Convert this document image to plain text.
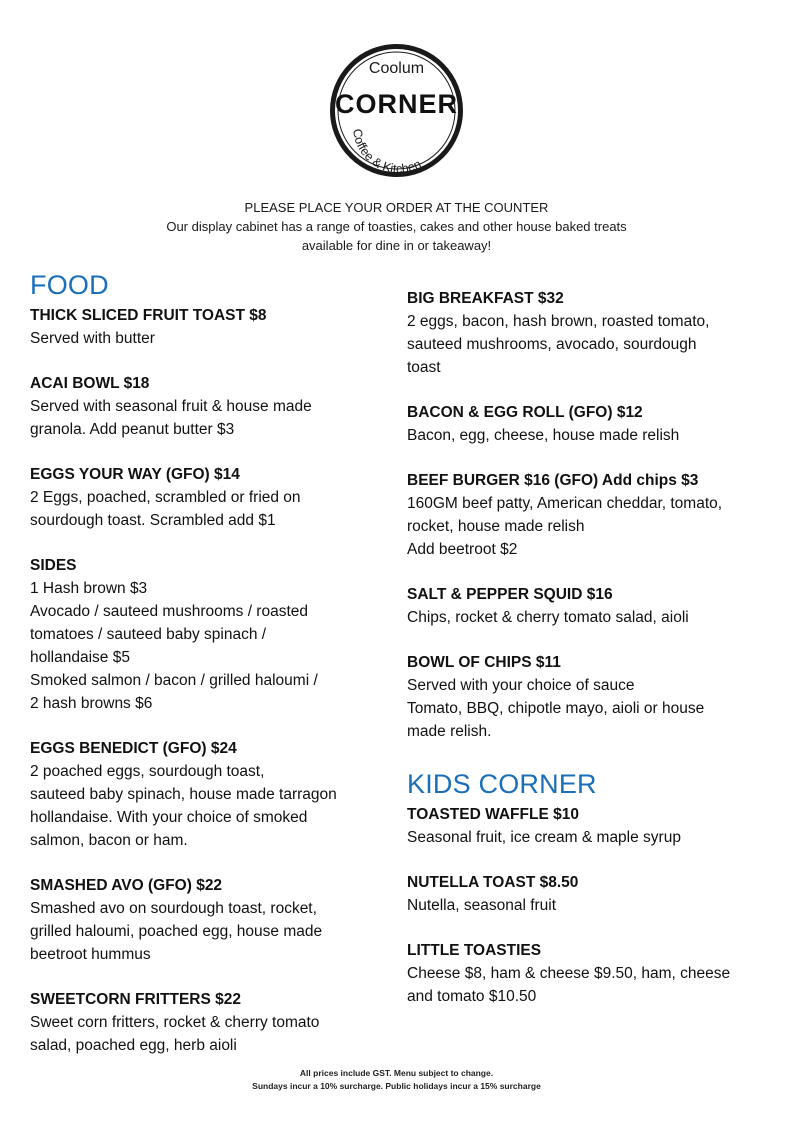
Coolum
CORNER
Coffee & Kitchen
PLEASE PLACE YOUR ORDER AT THE COUNTER
Our display cabinet has a range of toasties, cakes and other house baked treats
available for dine in or takeaway!
FOOD
THICK SLICED FRUIT TOAST $8
Served with butter
ACAI BOWL $18
Served with seasonal fruit & house made
granola. Add peanut butter $3
EGGS YOUR WAY (GFO) $14
2 Eggs, poached, scrambled or fried on
sourdough toast. Scrambled add $1
SIDES
1 Hash brown $3
Avocado / sauteed mushrooms / roasted
tomatoes / sauteed baby spinach /
hollandaise $5
Smoked salmon / bacon / grilled haloumi /
2 hash browns $6
EGGS BENEDICT (GFO) $24
2 poached eggs, sourdough toast,
sauteed baby spinach, house made tarragon
hollandaise. With your choice of smoked
salmon, bacon or ham.
SMASHED AVO (GFO) $22
Smashed avo on sourdough toast, rocket,
grilled haloumi, poached egg, house made
beetroot hummus
SWEETCORN FRITTERS $22
Sweet corn fritters, rocket & cherry tomato
salad, poached egg, herb aioli
BIG BREAKFAST $32
2 eggs, bacon, hash brown, roasted tomato,
sauteed mushrooms, avocado, sourdough
toast
BACON & EGG ROLL (GFO) $12
Bacon, egg, cheese, house made relish
BEEF BURGER $16 (GFO) Add chips $3
160GM beef patty, American cheddar, tomato,
rocket, house made relish
Add beetroot $2
SALT & PEPPER SQUID $16
Chips, rocket & cherry tomato salad, aioli
BOWL OF CHIPS $11
Served with your choice of sauce
Tomato, BBQ, chipotle mayo, aioli or house
made relish.
KIDS CORNER
TOASTED WAFFLE $10
Seasonal fruit, ice cream & maple syrup
NUTELLA TOAST $8.50
Nutella, seasonal fruit
LITTLE TOASTIES
Cheese $8, ham & cheese $9.50, ham, cheese
and tomato $10.50
All prices include GST. Menu subject to change.
Sundays incur a 10% surcharge. Public holidays incur a 15% surcharge
